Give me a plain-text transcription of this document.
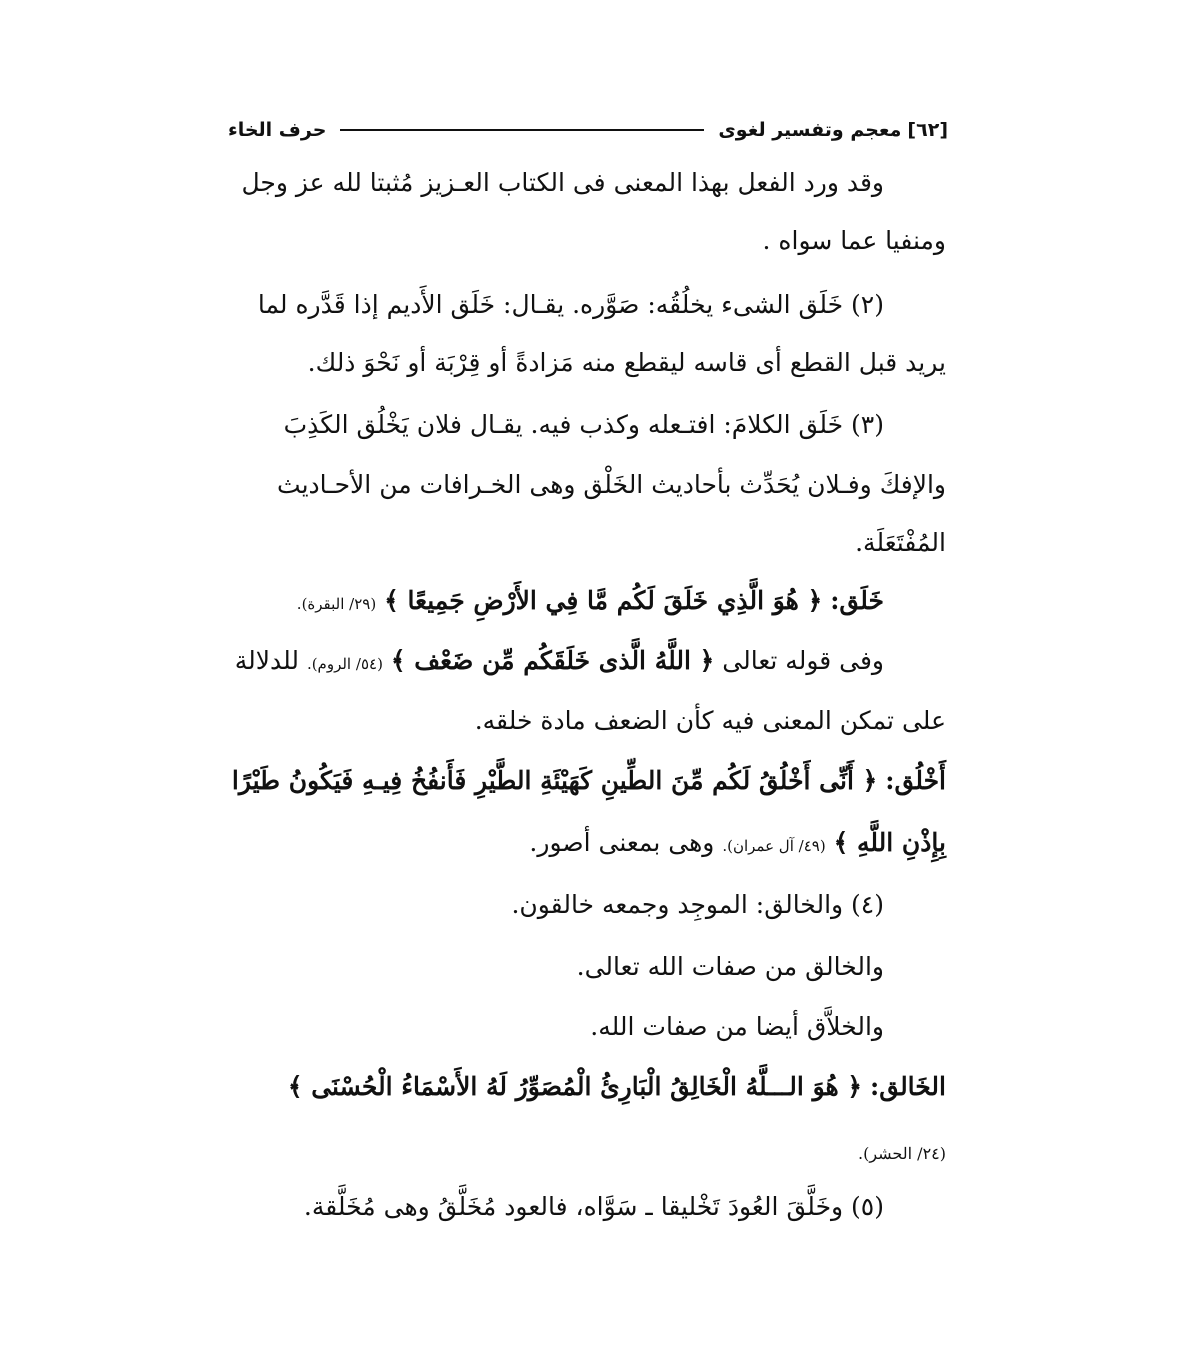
[٦٢]
معجم وتفسير لغوى
حرف الخاء
وقد ورد الفعل بهذا المعنى فى الكتاب العـزيز مُثبتا لله عز وجل
ومنفيا عما سواه .
(٢) خَلَق الشىء يخلُقُه: صَوَّره. يقـال: خَلَق الأَديم إذا قَدَّره لما
يريد قبل القطع أى قاسه ليقطع منه مَزادةً أو قِرْبَة أو نَحْوَ ذلك.
(٣) خَلَق الكلامَ: افتـعله وكذب فيه. يقـال فلان يَخْلُق الكَذِبَ
والإفكَ وفـلان يُحَدِّث بأحاديث الخَلْق وهى الخـرافات من الأحـاديث
المُفْتَعَلَة.
خَلَق: ﴿ هُوَ الَّذِي خَلَقَ لَكُم مَّا فِي الأَرْضِ جَمِيعًا ﴾ (٢٩/ البقرة).
وفى قوله تعالى ﴿ اللَّهُ الَّذى خَلَقَكُم مِّن ضَعْف ﴾ (٥٤/ الروم). للدلالة
على تمكن المعنى فيه كأن الضعف مادة خلقه.
أَخْلُق: ﴿ أَنِّى أَخْلُقُ لَكُم مِّنَ الطِّينِ كَهَيْئَةِ الطَّيْرِ فَأَنفُخُ فِيـهِ فَيَكُونُ طَيْرًا
بِإِذْنِ اللَّهِ ﴾ (٤٩/ آل عمران). وهى بمعنى أصور.
(٤) والخالق: الموجِد وجمعه خالقون.
والخالق من صفات الله تعالى.
والخلاَّق أيضا من صفات الله.
الخَالق: ﴿ هُوَ الـــلَّهُ الْخَالِقُ الْبَارِئُ الْمُصَوِّرُ لَهُ الأَسْمَاءُ الْحُسْنَى ﴾
(٢٤/ الحشر).
(٥) وخَلَّقَ العُودَ تَخْليقا ـ سَوَّاه، فالعود مُخَلَّقُ وهى مُخَلَّقة.
